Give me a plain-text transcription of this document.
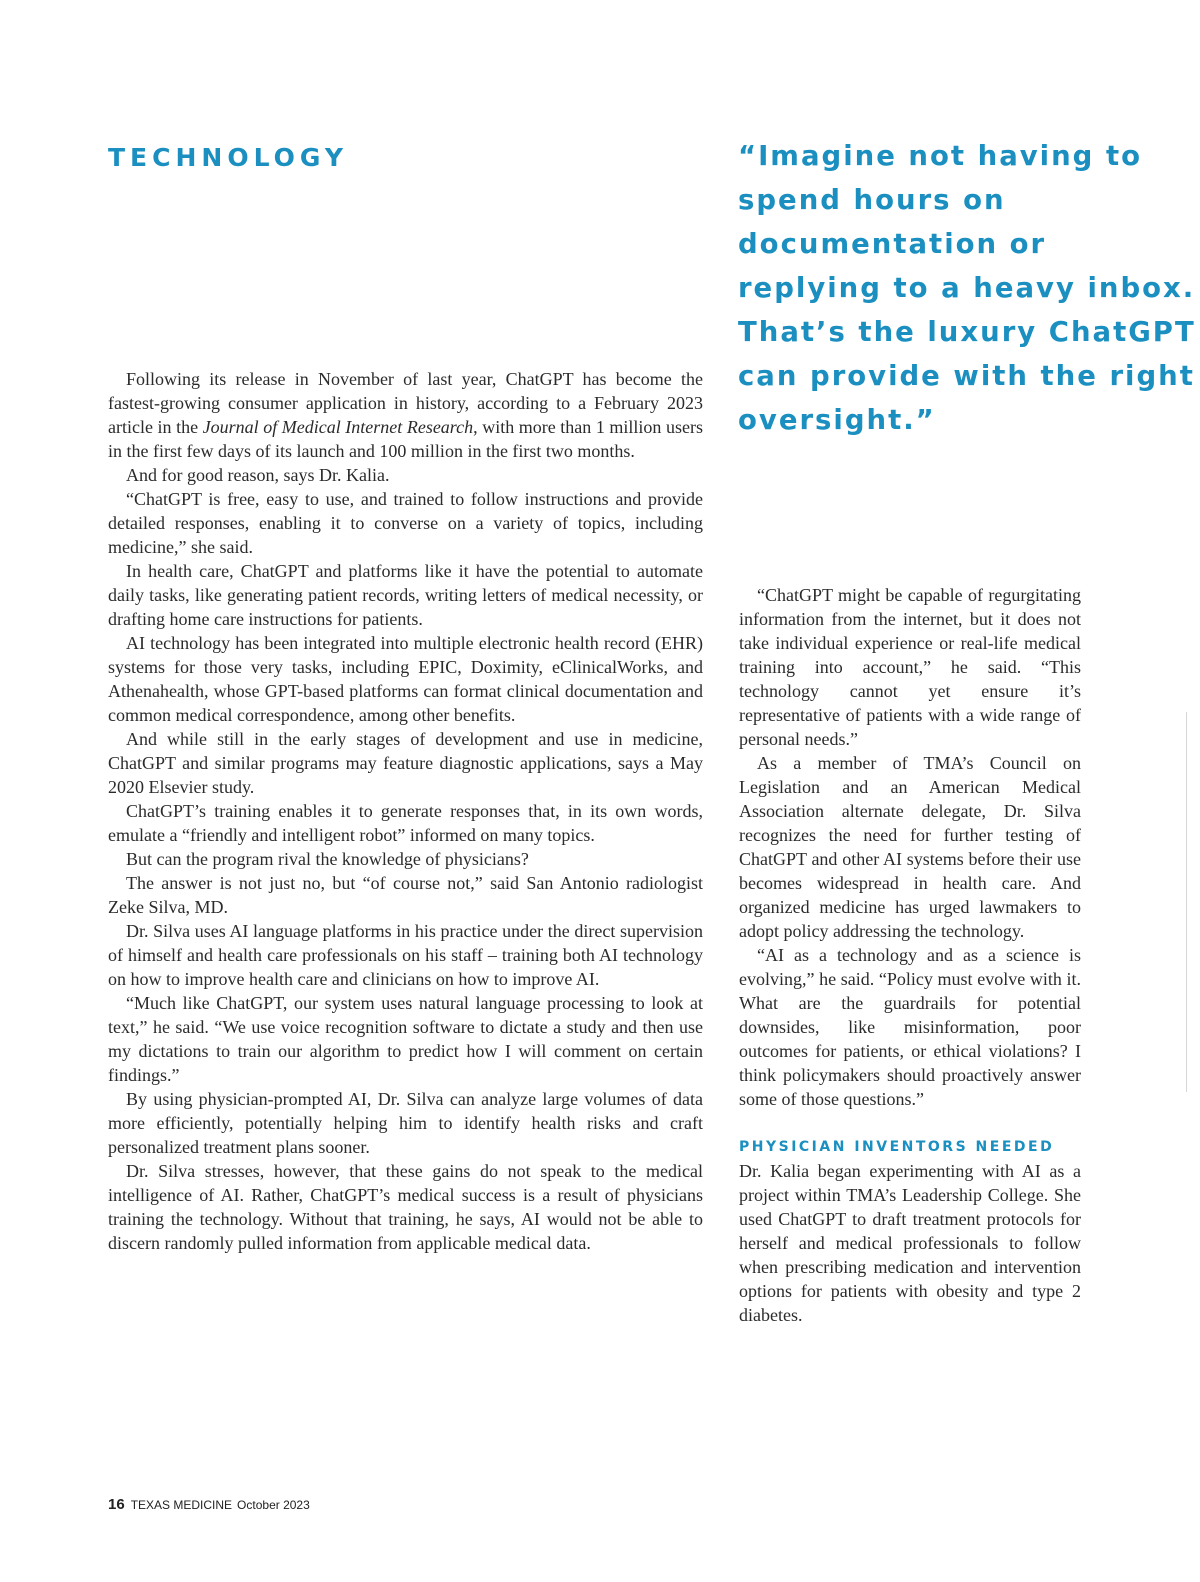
TECHNOLOGY	“Imagine not having to spend hours on documentation or replying to a heavy inbox. That’s the luxury ChatGPT can provide with the right oversight.”

Following its release in November of last year, ChatGPT has become the fastest-growing consumer application in history, according to a February 2023 article in the Journal of Medical Internet Research, with more than 1 million users in the first few days of its launch and 100 million in the first two months.

And for good reason, says Dr. Kalia.

“ChatGPT is free, easy to use, and trained to follow instructions and provide detailed responses, enabling it to converse on a variety of topics, including medicine,” she said.

In health care, ChatGPT and platforms like it have the potential to automate daily tasks, like generating patient records, writing letters of medical necessity, or drafting home care instructions for patients.

AI technology has been integrated into multiple electronic health record (EHR) systems for those very tasks, including EPIC, Doximity, eClinicalWorks, and Athenahealth, whose GPT-based platforms can format clinical documentation and common medical correspondence, among other benefits.

And while still in the early stages of development and use in medicine, ChatGPT and similar programs may feature diagnostic applications, says a May 2020 Elsevier study.

ChatGPT’s training enables it to generate responses that, in its own words, emulate a “friendly and intelligent robot” informed on many topics.

But can the program rival the knowledge of physicians?

The answer is not just no, but “of course not,” said San Antonio radiologist Zeke Silva, MD.

Dr. Silva uses AI language platforms in his practice under the direct supervision of himself and health care professionals on his staff – training both AI technology on how to improve health care and clinicians on how to improve AI.

“Much like ChatGPT, our system uses natural language processing to look at text,” he said. “We use voice recognition software to dictate a study and then use my dictations to train our algorithm to predict how I will comment on certain findings.”

By using physician-prompted AI, Dr. Silva can analyze large volumes of data more efficiently, potentially helping him to identify health risks and craft personalized treatment plans sooner.

Dr. Silva stresses, however, that these gains do not speak to the medical intelligence of AI. Rather, ChatGPT’s medical success is a result of physicians training the technology. Without that training, he says, AI would not be able to discern randomly pulled information from applicable medical data.

“ChatGPT might be capable of regurgitating information from the internet, but it does not take individual experience or real-life medical training into account,” he said. “This technology cannot yet ensure it’s representative of patients with a wide range of personal needs.”

As a member of TMA’s Council on Legislation and an American Medical Association alternate delegate, Dr. Silva recognizes the need for further testing of ChatGPT and other AI systems before their use becomes widespread in health care. And organized medicine has urged lawmakers to adopt policy addressing the technology.

“AI as a technology and as a science is evolving,” he said. “Policy must evolve with it. What are the guardrails for potential downsides, like misinformation, poor outcomes for patients, or ethical violations? I think policymakers should proactively answer some of those questions.”

PHYSICIAN INVENTORS NEEDED

Dr. Kalia began experimenting with AI as a project within TMA’s Leadership College. She used ChatGPT to draft treatment protocols for herself and medical professionals to follow when prescribing medication and intervention options for patients with obesity and type 2 diabetes.

16 TEXAS MEDICINE October 2023
